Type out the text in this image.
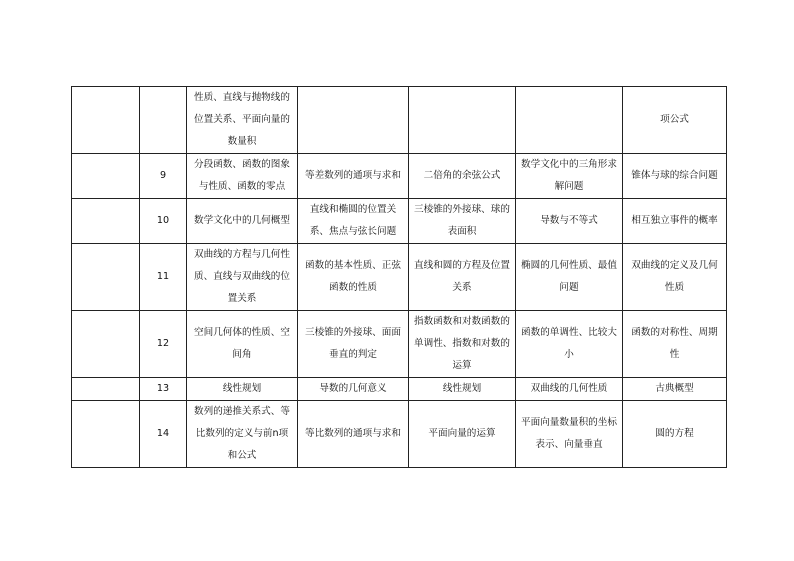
		性质、直线与抛物线的位置关系、平面向量的数量积				项公式
	9	分段函数、函数的图象与性质、函数的零点	等差数列的通项与求和	二倍角的余弦公式	数学文化中的三角形求解问题	锥体与球的综合问题
	10	数学文化中的几何概型	直线和椭圆的位置关系、焦点与弦长问题	三棱锥的外接球、球的表面积	导数与不等式	相互独立事件的概率
	11	双曲线的方程与几何性质、直线与双曲线的位置关系	函数的基本性质、正弦函数的性质	直线和圆的方程及位置关系	椭圆的几何性质、最值问题	双曲线的定义及几何性质
	12	空间几何体的性质、空间角	三棱锥的外接球、面面垂直的判定	指数函数和对数函数的单调性、指数和对数的运算	函数的单调性、比较大小	函数的对称性、周期性
	13	线性规划	导数的几何意义	线性规划	双曲线的几何性质	古典概型
	14	数列的递推关系式、等比数列的定义与前n项和公式	等比数列的通项与求和	平面向量的运算	平面向量数量积的坐标表示、向量垂直	圆的方程
